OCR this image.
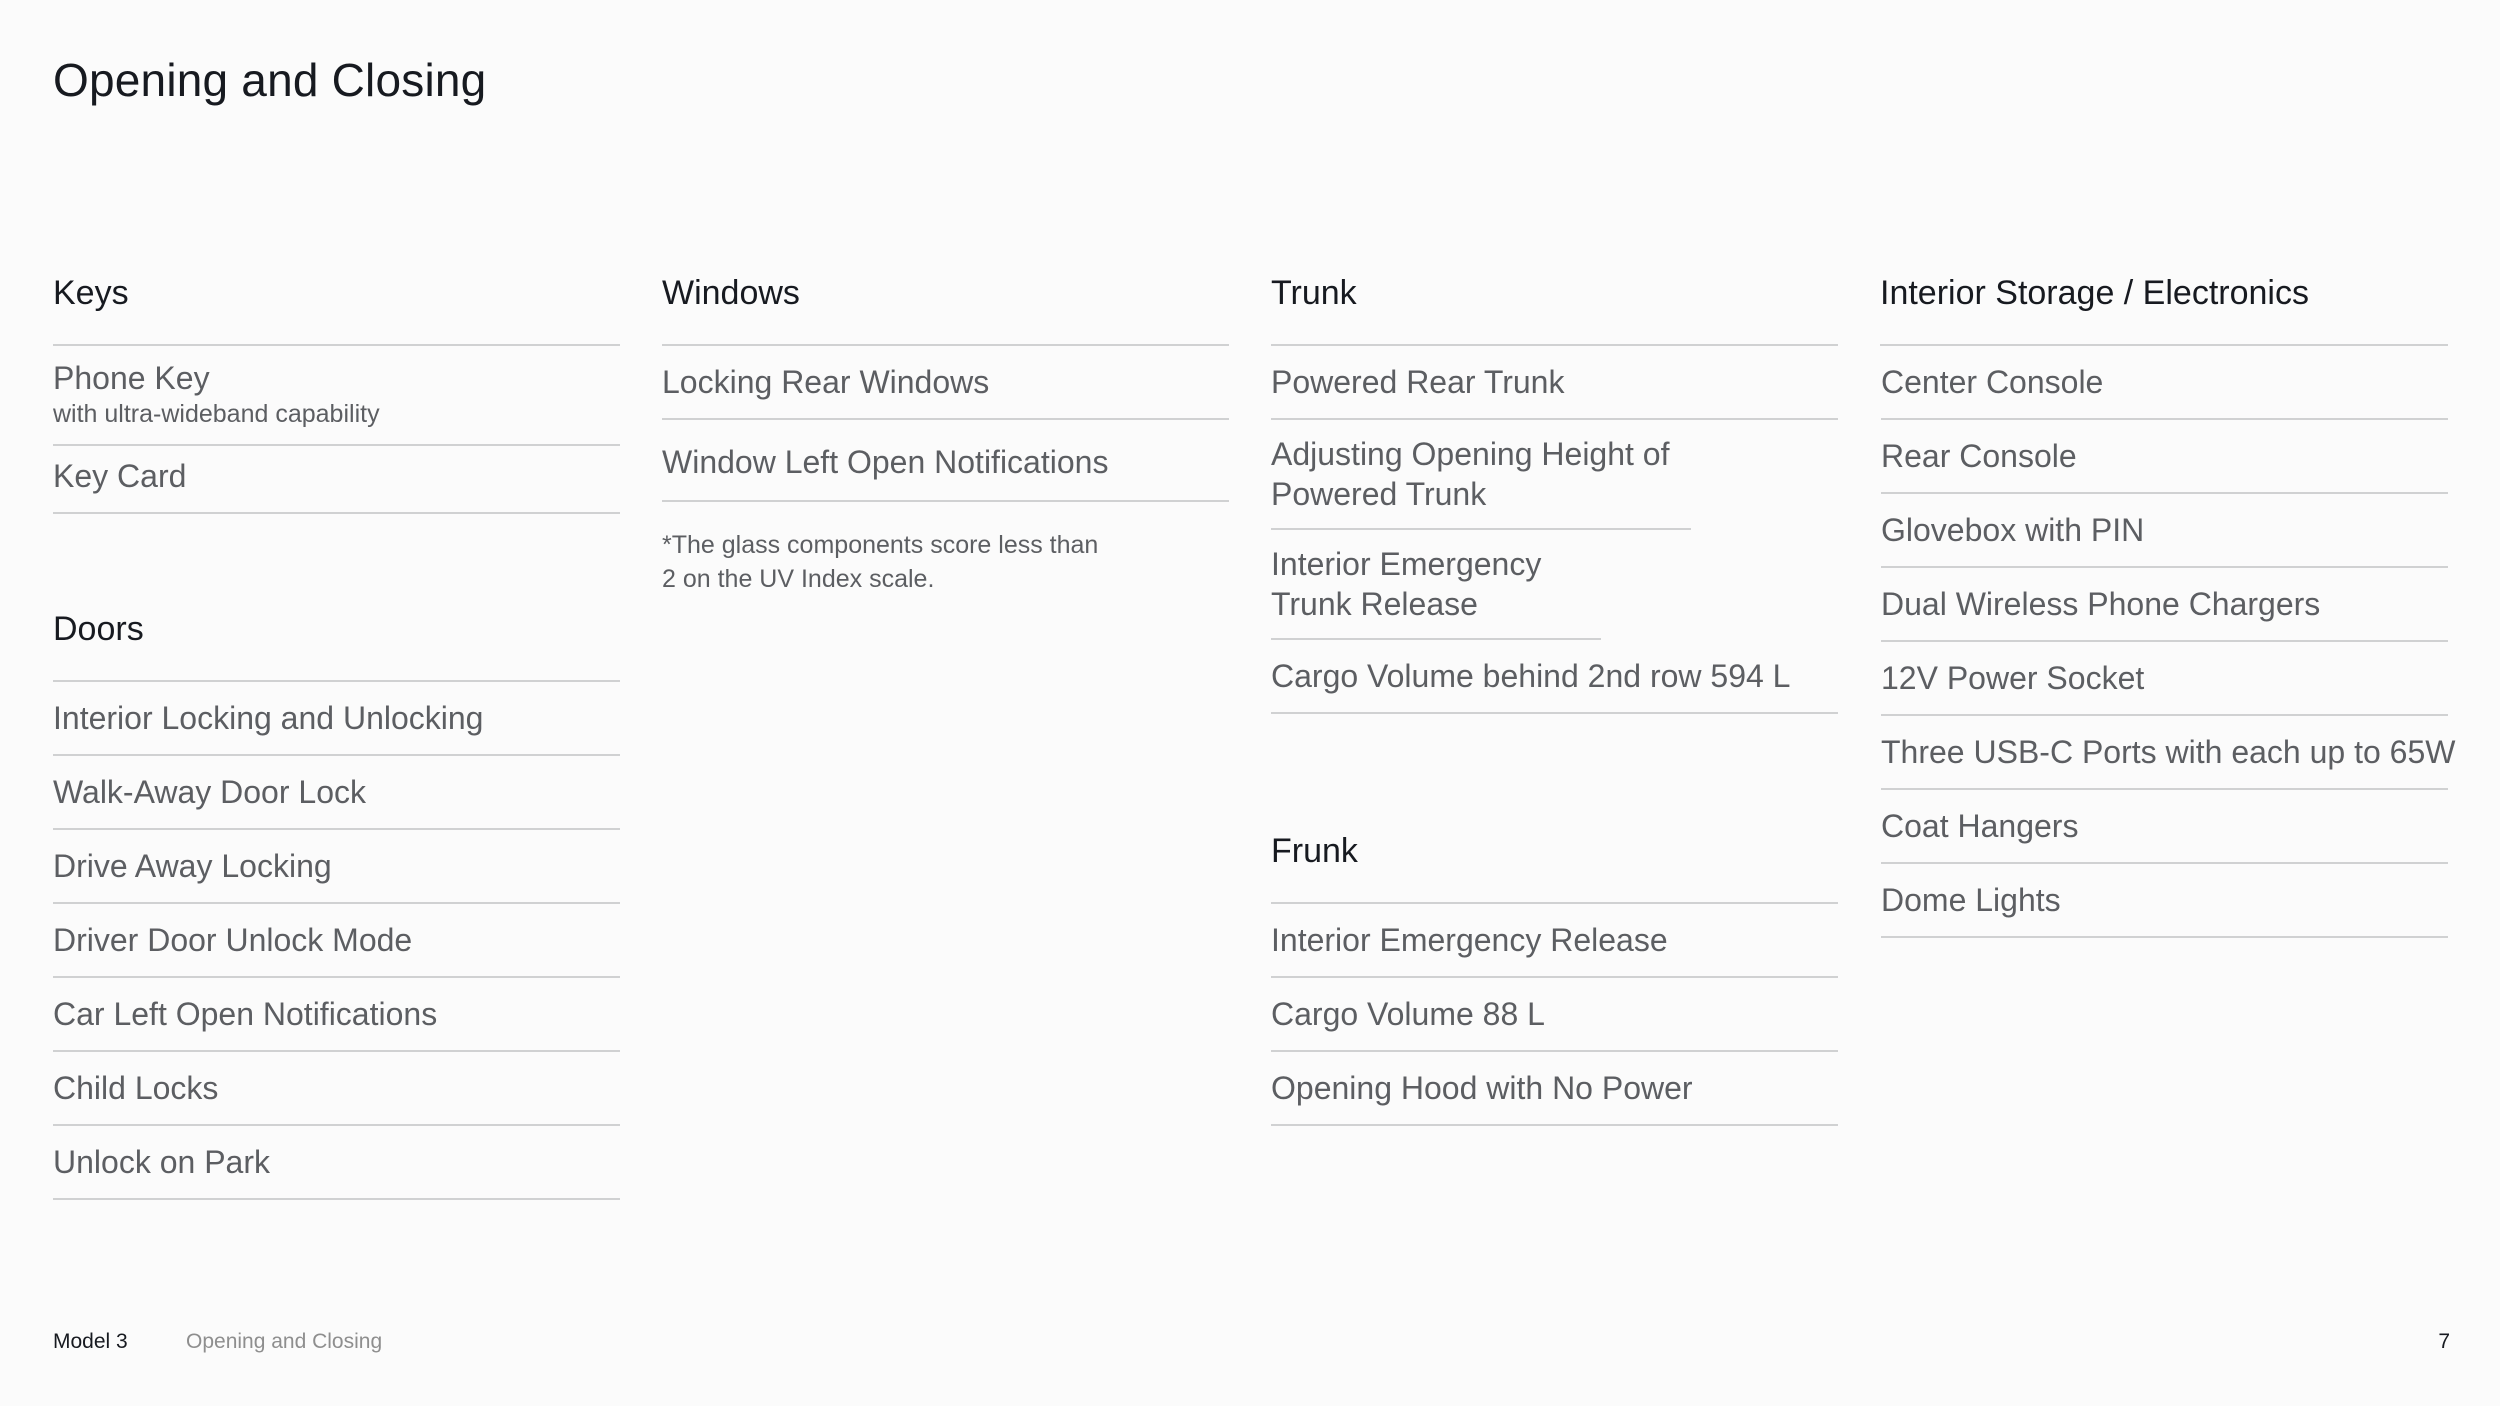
Opening and Closing
Keys
Phone Key
with ultra-wideband capability
Key Card
Doors
Interior Locking and Unlocking
Walk-Away Door Lock
Drive Away Locking
Driver Door Unlock Mode
Car Left Open Notifications
Child Locks
Unlock on Park
Windows
Locking Rear Windows
Window Left Open Notifications

*The glass components score less than 2 on the UV Index scale.

Trunk
Powered Rear Trunk
Adjusting Opening Height of Powered Trunk
Interior Emergency Trunk Release
Cargo Volume behind 2nd row 594 L
Frunk
Interior Emergency Release
Cargo Volume 88 L
Opening Hood with No Power
Interior Storage / Electronics
Center Console
Rear Console
Glovebox with PIN
Dual Wireless Phone Chargers
12V Power Socket
Three USB-C Ports with each up to 65W
Coat Hangers
Dome Lights
Model 3	Opening and Closing	7
